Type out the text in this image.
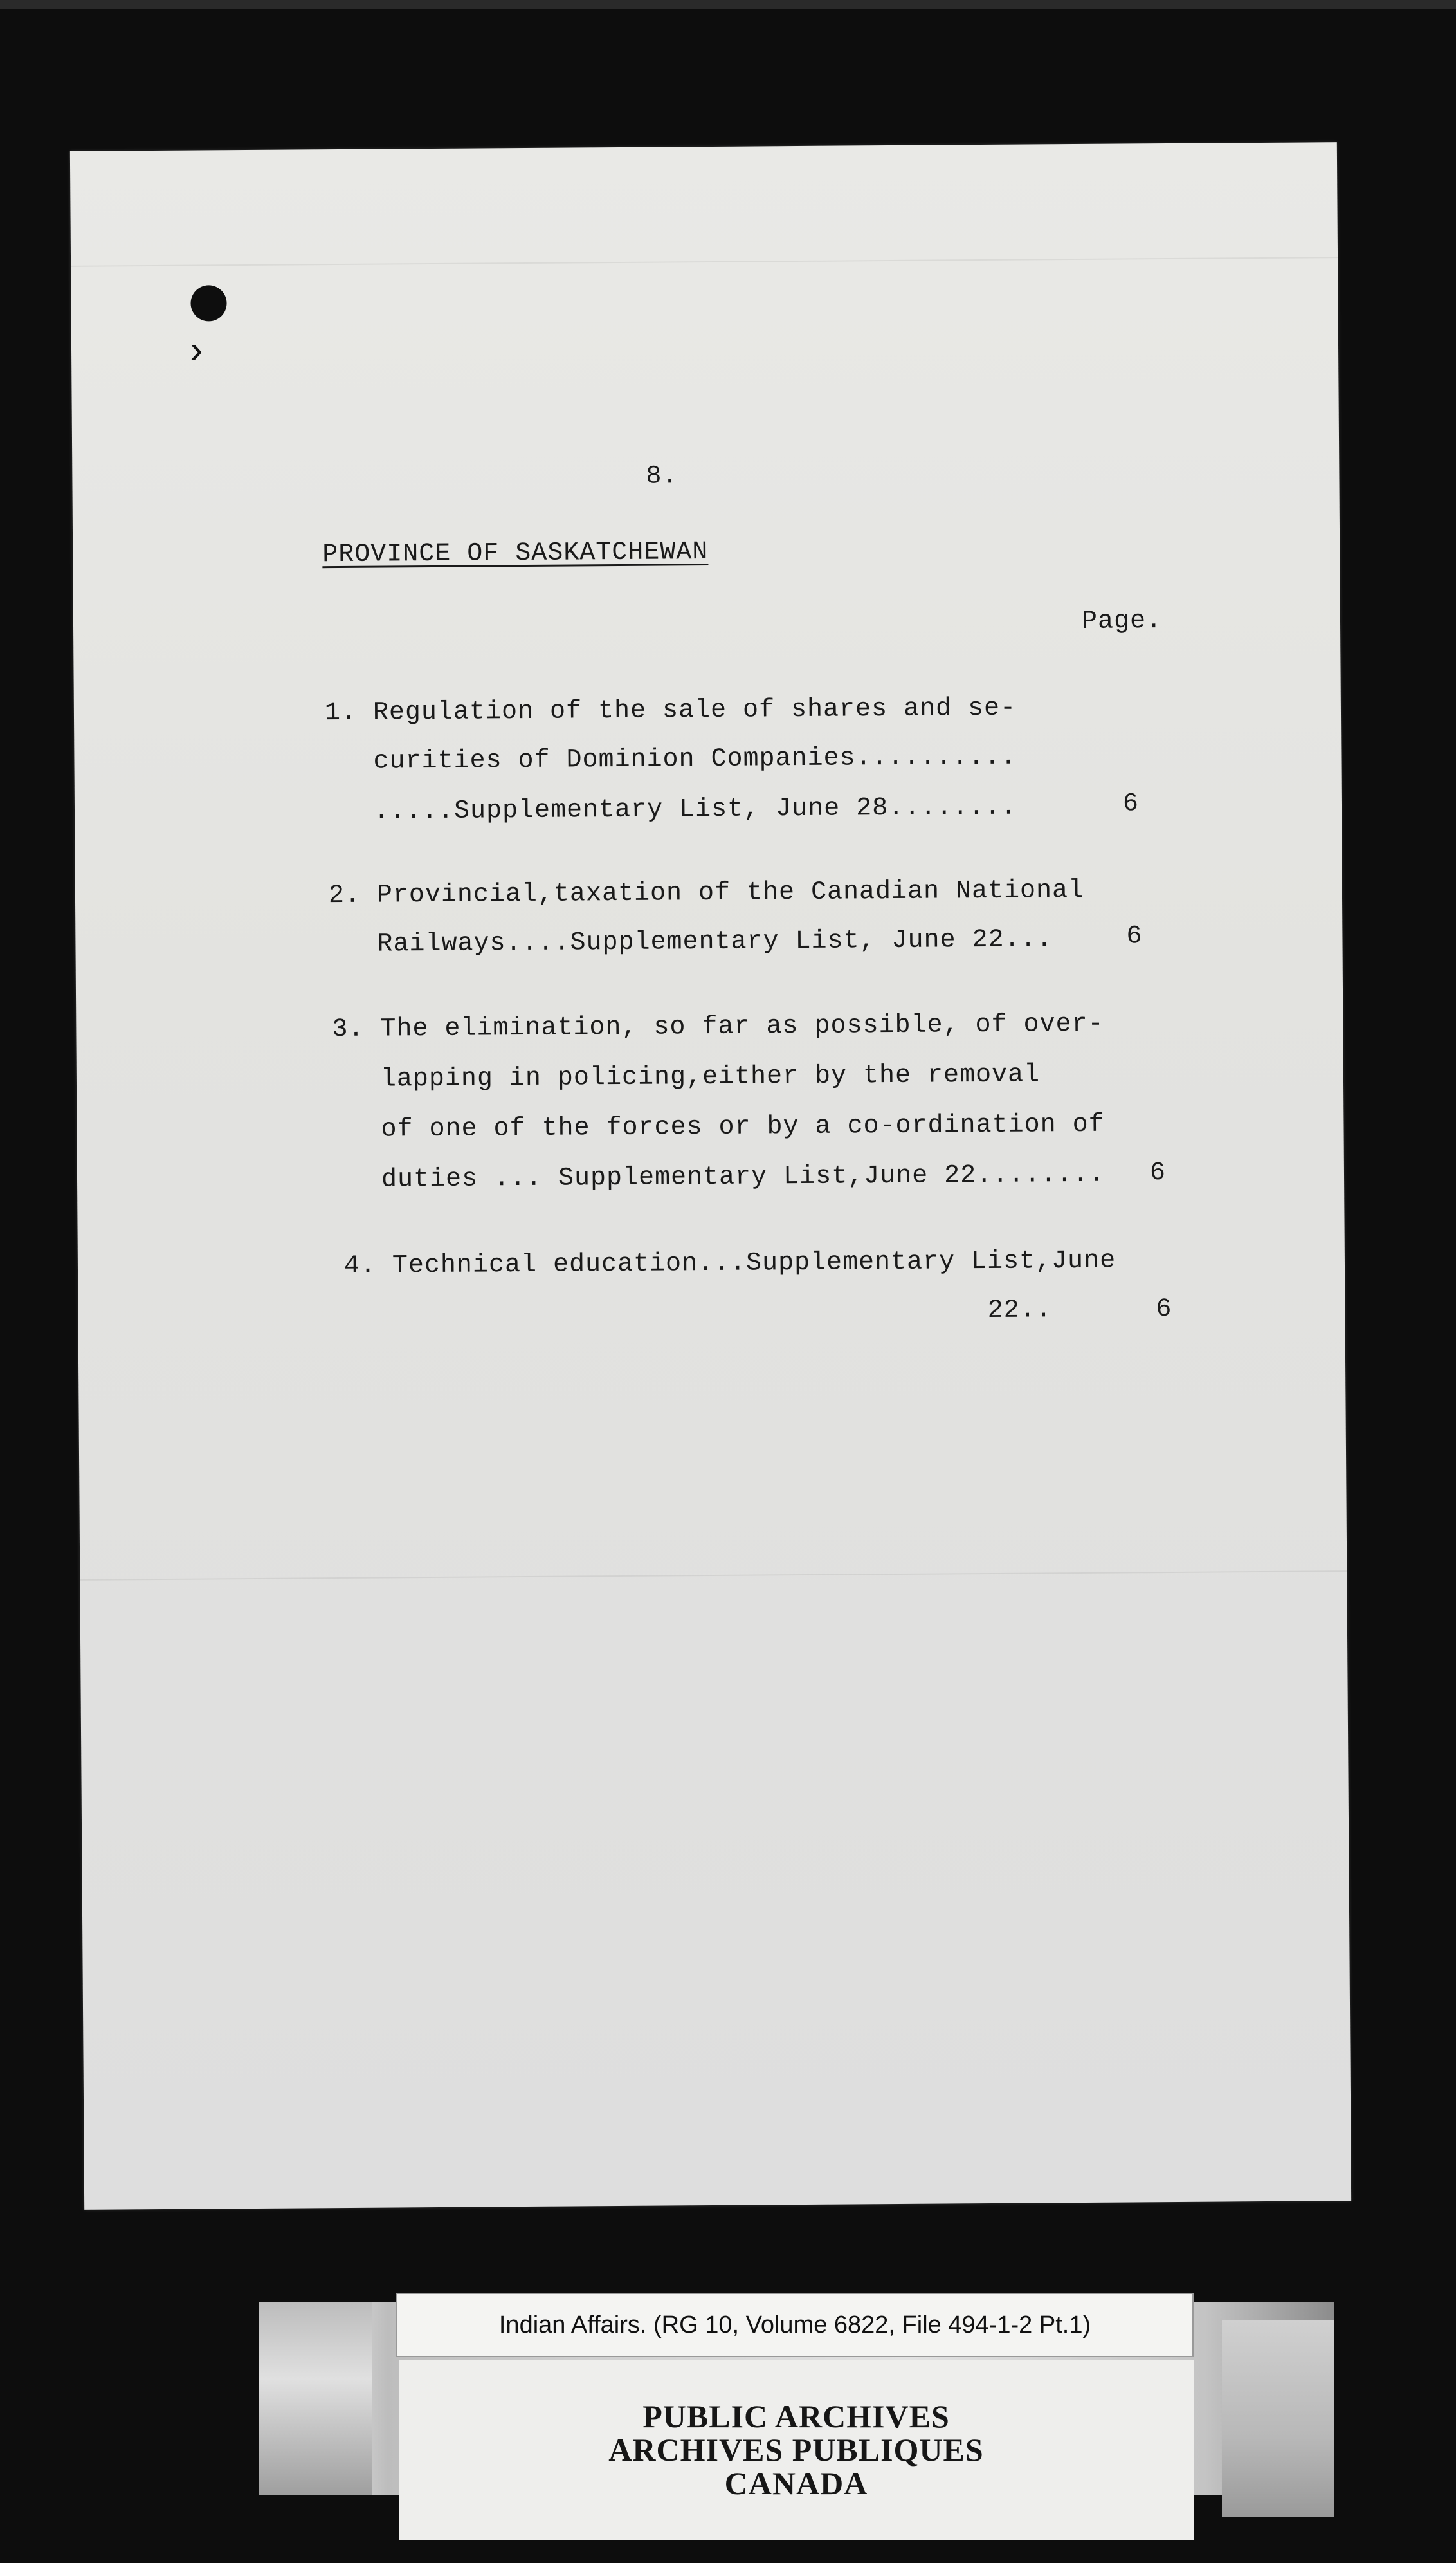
›
8.
PROVINCE OF SASKATCHEWAN
Page.
1. Regulation of the sale of shares and se-
curities of Dominion Companies..........
.....Supplementary List, June 28........	6
2. Provincial,taxation of the Canadian National
Railways....Supplementary List, June 22...	6
3. The elimination, so far as possible, of over-
lapping in policing,either by the removal
of one of the forces or by a co-ordination of
duties ... Supplementary List,June 22........ 6
4. Technical education...Supplementary List,June
22..	6
Indian Affairs. (RG 10, Volume 6822, File 494-1-2 Pt.1)
PUBLIC ARCHIVES
ARCHIVES PUBLIQUES
CANADA
